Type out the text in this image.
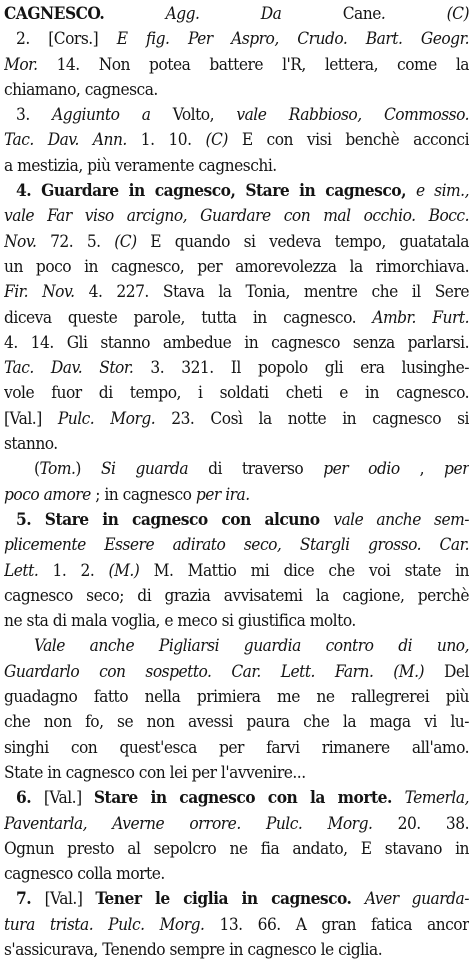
CAGNESCO. Agg. Da Cane. (C)
2. [Cors.] E fig. Per Aspro, Crudo. Bart. Geogr.
Mor. 14. Non potea battere l'R, lettera, come la
chiamano, cagnesca.
3. Aggiunto a Volto, vale Rabbioso, Commosso.
Tac. Dav. Ann. 1. 10. (C) E con visi benchè acconci
a mestizia, più veramente cagneschi.
4. Guardare in cagnesco, Stare in cagnesco, e sim.,
vale Far viso arcigno, Guardare con mal occhio. Bocc.
Nov. 72. 5. (C) E quando si vedeva tempo, guatatala
un poco in cagnesco, per amorevolezza la rimorchiava.
Fir. Nov. 4. 227. Stava la Tonia, mentre che il Sere
diceva queste parole, tutta in cagnesco. Ambr. Furt.
4. 14. Gli stanno ambedue in cagnesco senza parlarsi.
Tac. Dav. Stor. 3. 321. Il popolo gli era lusinghe-
vole fuor di tempo, i soldati cheti e in cagnesco.
[Val.] Pulc. Morg. 23. Così la notte in cagnesco si
stanno.
(Tom.) Si guarda di traverso per odio , per
poco amore ; in cagnesco per ira.
5. Stare in cagnesco con alcuno vale anche sem-
plicemente Essere adirato seco, Stargli grosso. Car.
Lett. 1. 2. (M.) M. Mattio mi dice che voi state in
cagnesco seco; di grazia avvisatemi la cagione, perchè
ne sta di mala voglia, e meco si giustifica molto.
Vale anche Pigliarsi guardia contro di uno,
Guardarlo con sospetto. Car. Lett. Farn. (M.) Del
guadagno fatto nella primiera me ne rallegrerei più
che non fo, se non avessi paura che la maga vi lu-
singhi con quest'esca per farvi rimanere all'amo.
State in cagnesco con lei per l'avvenire...
6. [Val.] Stare in cagnesco con la morte. Temerla,
Paventarla, Averne orrore. Pulc. Morg. 20. 38.
Ognun presto al sepolcro ne fia andato, E stavano in
cagnesco colla morte.
7. [Val.] Tener le ciglia in cagnesco. Aver guarda-
tura trista. Pulc. Morg. 13. 66. A gran fatica ancor
s'assicurava, Tenendo sempre in cagnesco le ciglia.
